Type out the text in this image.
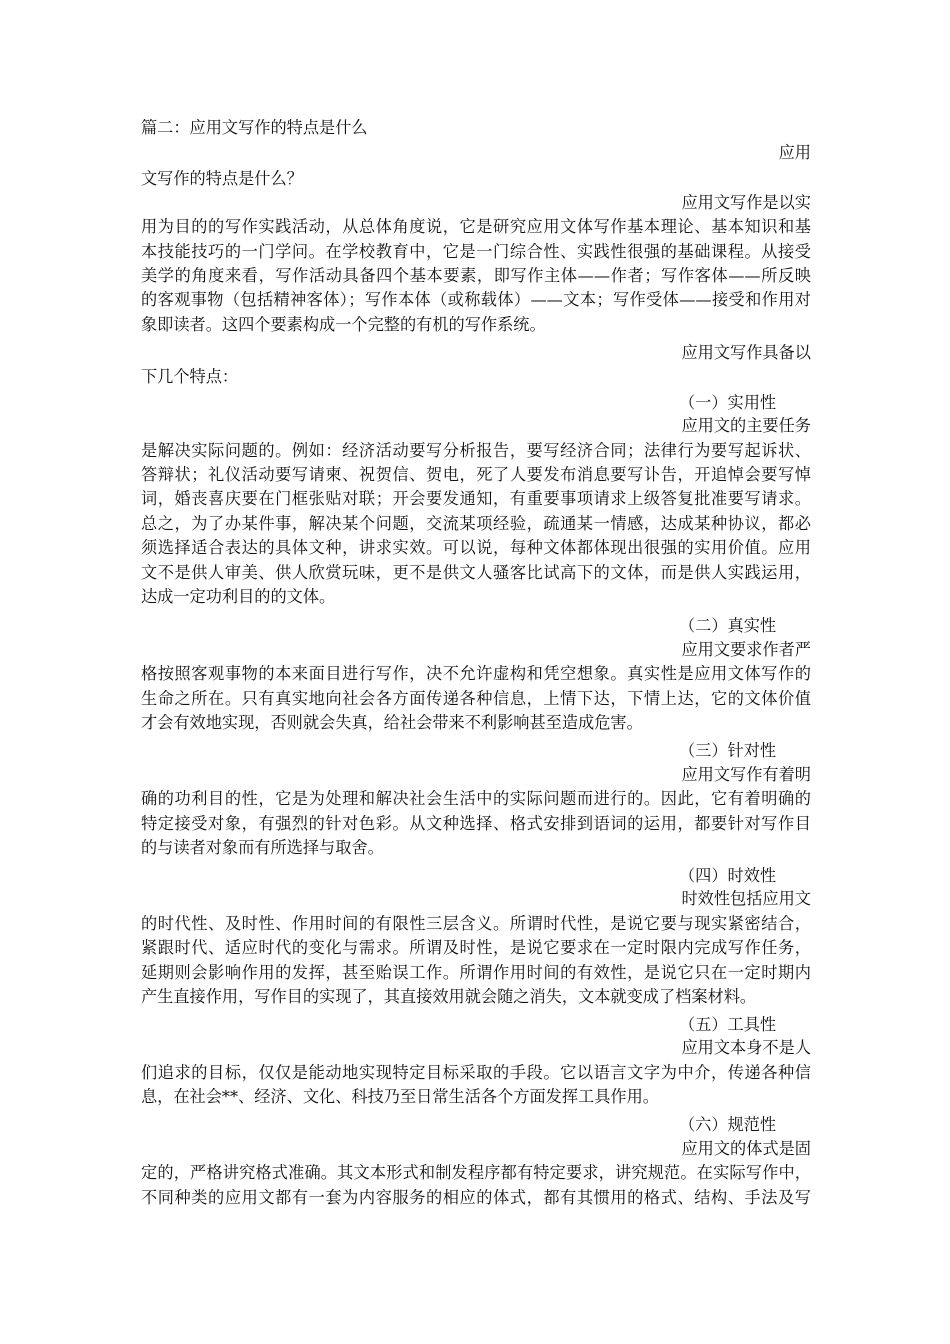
篇二：应用文写作的特点是什么
应用
文写作的特点是什么？
应用文写作是以实
用为目的的写作实践活动，从总体角度说，它是研究应用文体写作基本理论、基本知识和基
本技能技巧的一门学问。在学校教育中，它是一门综合性、实践性很强的基础课程。从接受
美学的角度来看，写作活动具备四个基本要素，即写作主体——作者；写作客体——所反映
的客观事物（包括精神客体）；写作本体（或称载体）——文本；写作受体——接受和作用对
象即读者。这四个要素构成一个完整的有机的写作系统。
应用文写作具备以
下几个特点：
（一）实用性
应用文的主要任务
是解决实际问题的。例如：经济活动要写分析报告，要写经济合同；法律行为要写起诉状、
答辩状；礼仪活动要写请柬、祝贺信、贺电，死了人要发布消息要写讣告，开追悼会要写悼
词，婚丧喜庆要在门框张贴对联；开会要发通知，有重要事项请求上级答复批准要写请求。
总之，为了办某件事，解决某个问题，交流某项经验，疏通某一情感，达成某种协议，都必
须选择适合表达的具体文种，讲求实效。可以说，每种文体都体现出很强的实用价值。应用
文不是供人审美、供人欣赏玩味，更不是供文人骚客比试高下的文体，而是供人实践运用，
达成一定功利目的的文体。
（二）真实性
应用文要求作者严
格按照客观事物的本来面目进行写作，决不允许虚构和凭空想象。真实性是应用文体写作的
生命之所在。只有真实地向社会各方面传递各种信息，上情下达，下情上达，它的文体价值
才会有效地实现，否则就会失真，给社会带来不利影响甚至造成危害。
（三）针对性
应用文写作有着明
确的功利目的性，它是为处理和解决社会生活中的实际问题而进行的。因此，它有着明确的
特定接受对象，有强烈的针对色彩。从文种选择、格式安排到语词的运用，都要针对写作目
的与读者对象而有所选择与取舍。
（四）时效性
时效性包括应用文
的时代性、及时性、作用时间的有限性三层含义。所谓时代性，是说它要与现实紧密结合，
紧跟时代、适应时代的变化与需求。所谓及时性，是说它要求在一定时限内完成写作任务，
延期则会影响作用的发挥，甚至贻误工作。所谓作用时间的有效性，是说它只在一定时期内
产生直接作用，写作目的实现了，其直接效用就会随之消失，文本就变成了档案材料。
（五）工具性
应用文本身不是人
们追求的目标，仅仅是能动地实现特定目标采取的手段。它以语言文字为中介，传递各种信
息，在社会**、经济、文化、科技乃至日常生活各个方面发挥工具作用。
（六）规范性
应用文的体式是固
定的，严格讲究格式准确。其文本形式和制发程序都有特定要求，讲究规范。在实际写作中，
不同种类的应用文都有一套为内容服务的相应的体式，都有其惯用的格式、结构、手法及写
